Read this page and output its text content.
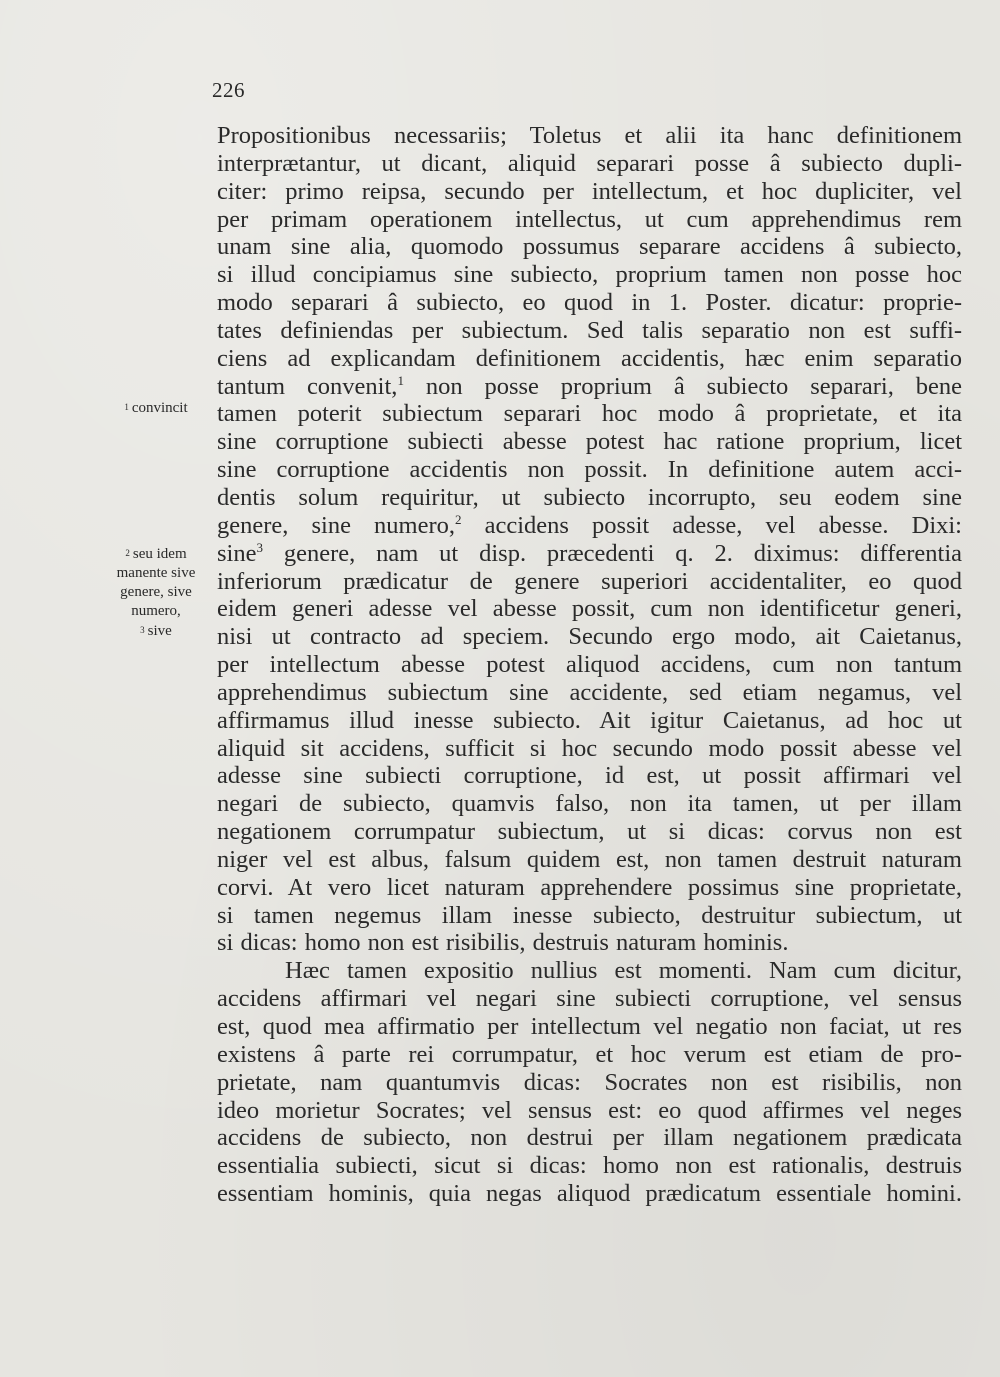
226
1 convincit
2 seu idem
manente sive
genere, sive
numero,
3 sive
Propositionibus necessariis; Toletus et alii ita hanc definitionem
interprætantur, ut dicant, aliquid separari posse â subiecto dupli-
citer: primo reipsa, secundo per intellectum, et hoc dupliciter, vel
per primam operationem intellectus, ut cum apprehendimus rem
unam sine alia, quomodo possumus separare accidens â subiecto,
si illud concipiamus sine subiecto, proprium tamen non posse hoc
modo separari â subiecto, eo quod in 1. Poster. dicatur: proprie-
tates definiendas per subiectum. Sed talis separatio non est suffi-
ciens ad explicandam definitionem accidentis, hæc enim separatio
tantum convenit,$^1$ non posse proprium â subiecto separari, bene
tamen poterit subiectum separari hoc modo â proprietate, et ita
sine corruptione subiecti abesse potest hac ratione proprium, licet
sine corruptione accidentis non possit. In definitione autem acci-
dentis solum requiritur, ut subiecto incorrupto, seu eodem sine
genere, sine numero,$^2$ accidens possit adesse, vel abesse. Dixi:
sine$^3$ genere, nam ut disp. præcedenti q. 2. diximus: differentia
inferiorum prædicatur de genere superiori accidentaliter, eo quod
eidem generi adesse vel abesse possit, cum non identificetur generi,
nisi ut contracto ad speciem. Secundo ergo modo, ait Caietanus,
per intellectum abesse potest aliquod accidens, cum non tantum
apprehendimus subiectum sine accidente, sed etiam negamus, vel
affirmamus illud inesse subiecto. Ait igitur Caietanus, ad hoc ut
aliquid sit accidens, sufficit si hoc secundo modo possit abesse vel
adesse sine subiecti corruptione, id est, ut possit affirmari vel
negari de subiecto, quamvis falso, non ita tamen, ut per illam
negationem corrumpatur subiectum, ut si dicas: corvus non est
niger vel est albus, falsum quidem est, non tamen destruit naturam
corvi. At vero licet naturam apprehendere possimus sine proprietate,
si tamen negemus illam inesse subiecto, destruitur subiectum, ut
si dicas: homo non est risibilis, destruis naturam hominis.
Hæc tamen expositio nullius est momenti. Nam cum dicitur,
accidens affirmari vel negari sine subiecti corruptione, vel sensus
est, quod mea affirmatio per intellectum vel negatio non faciat, ut res
existens â parte rei corrumpatur, et hoc verum est etiam de pro-
prietate, nam quantumvis dicas: Socrates non est risibilis, non
ideo morietur Socrates; vel sensus est: eo quod affirmes vel neges
accidens de subiecto, non destrui per illam negationem prædicata
essentialia subiecti, sicut si dicas: homo non est rationalis, destruis
essentiam hominis, quia negas aliquod prædicatum essentiale homini.
